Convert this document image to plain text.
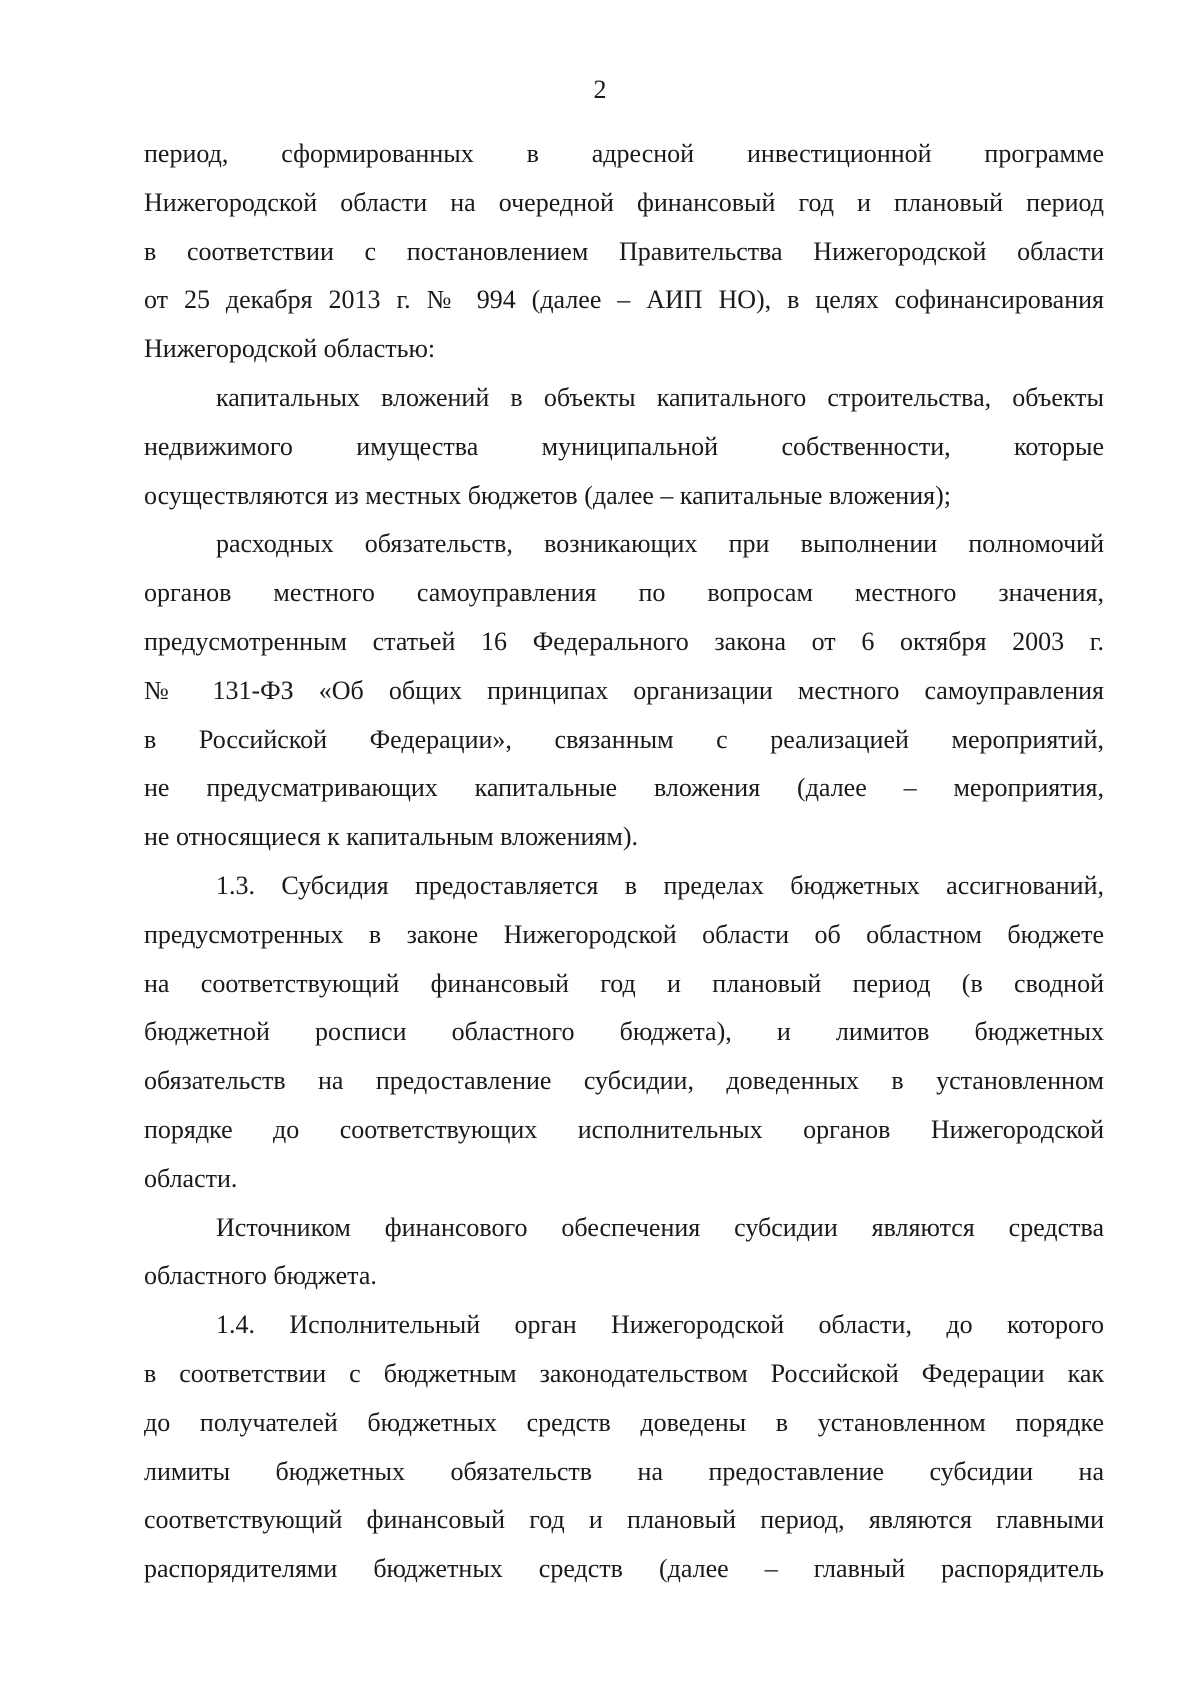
2
период, сформированных в адресной инвестиционной программе
Нижегородской области на очередной финансовый год и плановый период
в соответствии с постановлением Правительства Нижегородской области
от 25 декабря 2013 г. № 994 (далее – АИП НО), в целях софинансирования
Нижегородской областью:
капитальных вложений в объекты капитального строительства, объекты
недвижимого имущества муниципальной собственности, которые
осуществляются из местных бюджетов (далее – капитальные вложения);
расходных обязательств, возникающих при выполнении полномочий
органов местного самоуправления по вопросам местного значения,
предусмотренным статьей 16 Федерального закона от 6 октября 2003 г.
№ 131-ФЗ «Об общих принципах организации местного самоуправления
в Российской Федерации», связанным с реализацией мероприятий,
не предусматривающих капитальные вложения (далее – мероприятия,
не относящиеся к капитальным вложениям).
1.3. Субсидия предоставляется в пределах бюджетных ассигнований,
предусмотренных в законе Нижегородской области об областном бюджете
на соответствующий финансовый год и плановый период (в сводной
бюджетной росписи областного бюджета), и лимитов бюджетных
обязательств на предоставление субсидии, доведенных в установленном
порядке до соответствующих исполнительных органов Нижегородской
области.
Источником финансового обеспечения субсидии являются средства
областного бюджета.
1.4. Исполнительный орган Нижегородской области, до которого
в соответствии с бюджетным законодательством Российской Федерации как
до получателей бюджетных средств доведены в установленном порядке
лимиты бюджетных обязательств на предоставление субсидии на
соответствующий финансовый год и плановый период, являются главными
распорядителями бюджетных средств (далее – главный распорядитель
